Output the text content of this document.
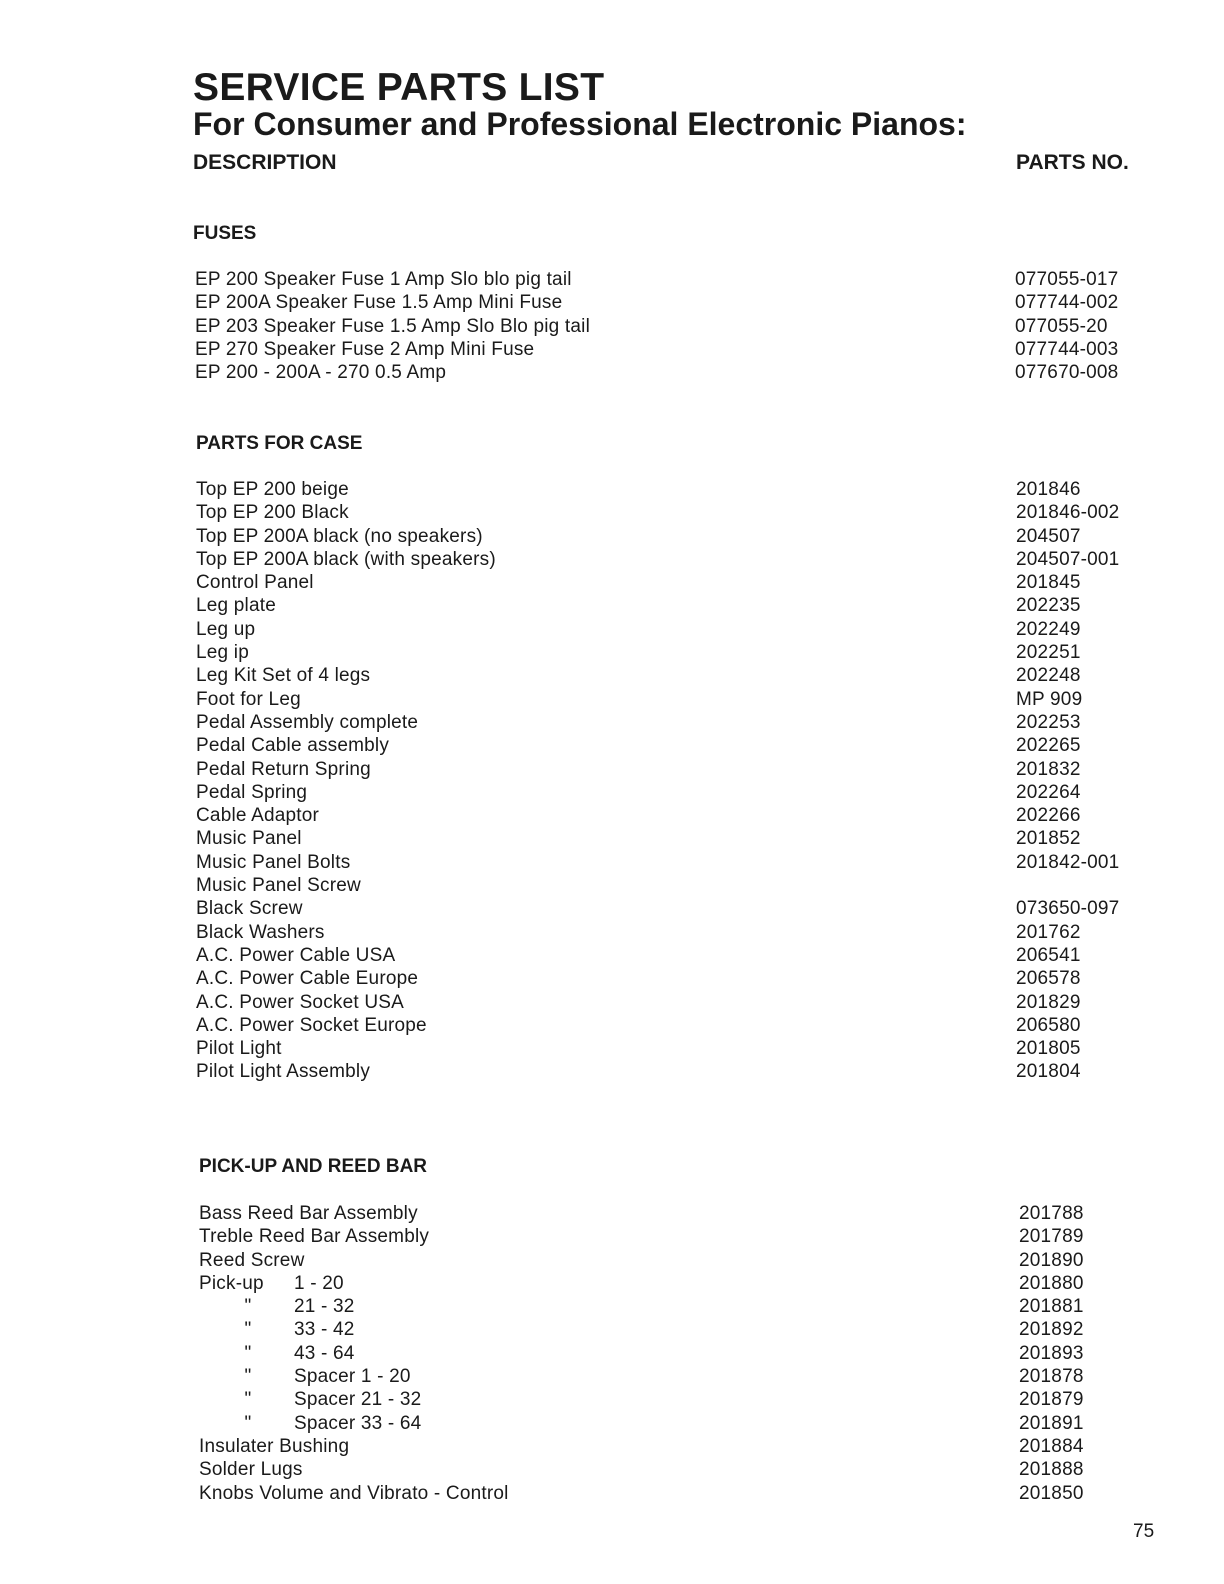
SERVICE PARTS LIST
For Consumer and Professional Electronic Pianos:
DESCRIPTION	PARTS NO.
FUSES
EP 200 Speaker Fuse 1 Amp Slo blo pig tail	077055-017
EP 200A Speaker Fuse 1.5 Amp Mini Fuse	077744-002
EP 203 Speaker Fuse 1.5 Amp Slo Blo pig tail	077055-20
EP 270 Speaker Fuse 2 Amp Mini Fuse	077744-003
EP 200 - 200A - 270 0.5 Amp	077670-008
PARTS FOR CASE
Top EP 200 beige	201846
Top EP 200 Black	201846-002
Top EP 200A black (no speakers)	204507
Top EP 200A black (with speakers)	204507-001
Control Panel	201845
Leg plate	202235
Leg up	202249
Leg ip	202251
Leg Kit Set of 4 legs	202248
Foot for Leg	MP 909
Pedal Assembly complete	202253
Pedal Cable assembly	202265
Pedal Return Spring	201832
Pedal Spring	202264
Cable Adaptor	202266
Music Panel	201852
Music Panel Bolts	201842-001
Music Panel Screw
Black Screw	073650-097
Black Washers	201762
A.C. Power Cable USA	206541
A.C. Power Cable Europe	206578
A.C. Power Socket USA	201829
A.C. Power Socket Europe	206580
Pilot Light	201805
Pilot Light Assembly	201804
PICK-UP AND REED BAR
Bass Reed Bar Assembly	201788
Treble Reed Bar Assembly	201789
Reed Screw	201890
Pick-up 1 - 20	201880
" 21 - 32	201881
" 33 - 42	201892
" 43 - 64	201893
" Spacer 1 - 20	201878
" Spacer 21 - 32	201879
" Spacer 33 - 64	201891
Insulater Bushing	201884
Solder Lugs	201888
Knobs Volume and Vibrato - Control	201850
75
